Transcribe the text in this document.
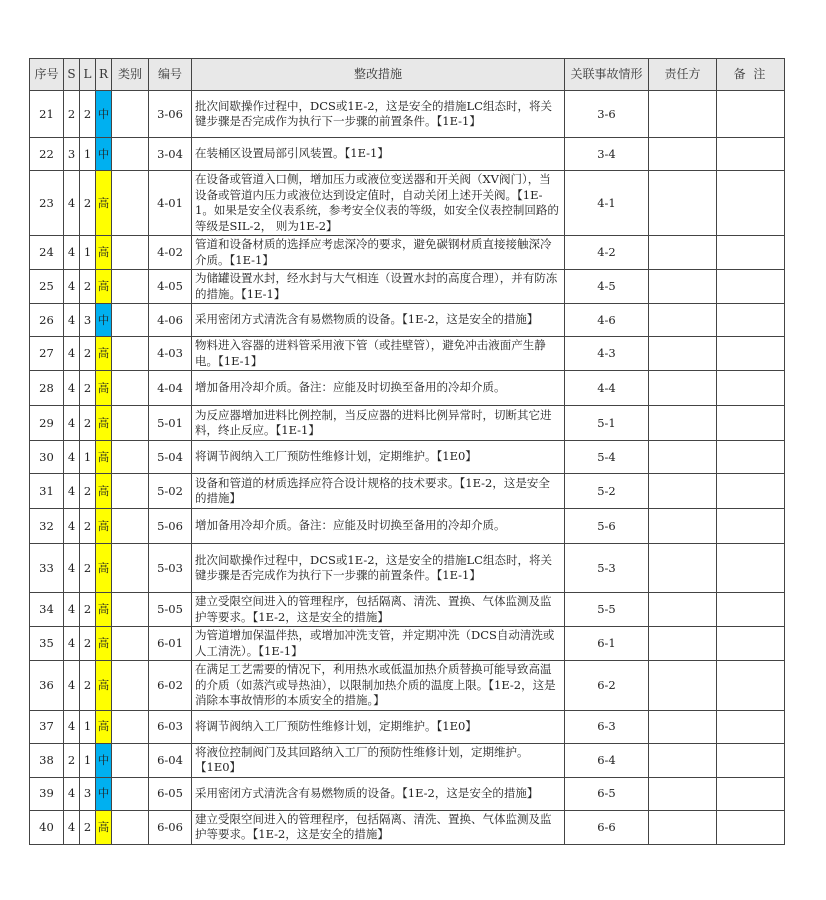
序号	S	L	R	类别	编号	整改措施	关联事故情形	责任方	备 注
21	2	2	中		3-06	批次间歇操作过程中，DCS或1E-2，这是安全的措施LC组态时，将关键步骤是否完成作为执行下一步骤的前置条件。【1E-1】	3-6		
22	3	1	中		3-04	在装桶区设置局部引风装置。【1E-1】	3-4		
23	4	2	高		4-01	在设备或管道入口侧，增加压力或液位变送器和开关阀（XV阀门），当设备或管道内压力或液位达到设定值时，自动关闭上述开关阀。【1E-1。如果是安全仪表系统，参考安全仪表的等级，如安全仪表控制回路的等级是SIL-2， 则为1E-2】	4-1		
24	4	1	高		4-02	管道和设备材质的选择应考虑深冷的要求，避免碳钢材质直接接触深冷介质。【1E-1】	4-2		
25	4	2	高		4-05	为储罐设置水封，经水封与大气相连（设置水封的高度合理），并有防冻的措施。【1E-1】	4-5		
26	4	3	中		4-06	采用密闭方式清洗含有易燃物质的设备。【1E-2，这是安全的措施】	4-6		
27	4	2	高		4-03	物料进入容器的进料管采用液下管（或挂壁管），避免冲击液面产生静电。【1E-1】	4-3		
28	4	2	高		4-04	增加备用冷却介质。备注：应能及时切换至备用的冷却介质。	4-4		
29	4	2	高		5-01	为反应器增加进料比例控制，当反应器的进料比例异常时，切断其它进料，终止反应。【1E-1】	5-1		
30	4	1	高		5-04	将调节阀纳入工厂预防性维修计划，定期维护。【1E0】	5-4		
31	4	2	高		5-02	设备和管道的材质选择应符合设计规格的技术要求。【1E-2，这是安全的措施】	5-2		
32	4	2	高		5-06	增加备用冷却介质。备注：应能及时切换至备用的冷却介质。	5-6		
33	4	2	高		5-03	批次间歇操作过程中，DCS或1E-2，这是安全的措施LC组态时，将关键步骤是否完成作为执行下一步骤的前置条件。【1E-1】	5-3		
34	4	2	高		5-05	建立受限空间进入的管理程序，包括隔离、清洗、置换、气体监测及监护等要求。【1E-2，这是安全的措施】	5-5		
35	4	2	高		6-01	为管道增加保温伴热，或增加冲洗支管，并定期冲洗（DCS自动清洗或人工清洗）。【1E-1】	6-1		
36	4	2	高		6-02	在满足工艺需要的情况下，利用热水或低温加热介质替换可能导致高温的介质（如蒸汽或导热油），以限制加热介质的温度上限。【1E-2，这是消除本事故情形的本质安全的措施。】	6-2		
37	4	1	高		6-03	将调节阀纳入工厂预防性维修计划，定期维护。【1E0】	6-3		
38	2	1	中		6-04	将液位控制阀门及其回路纳入工厂的预防性维修计划，定期维护。【1E0】	6-4		
39	4	3	中		6-05	采用密闭方式清洗含有易燃物质的设备。【1E-2，这是安全的措施】	6-5		
40	4	2	高		6-06	建立受限空间进入的管理程序，包括隔离、清洗、置换、气体监测及监护等要求。【1E-2，这是安全的措施】	6-6		
